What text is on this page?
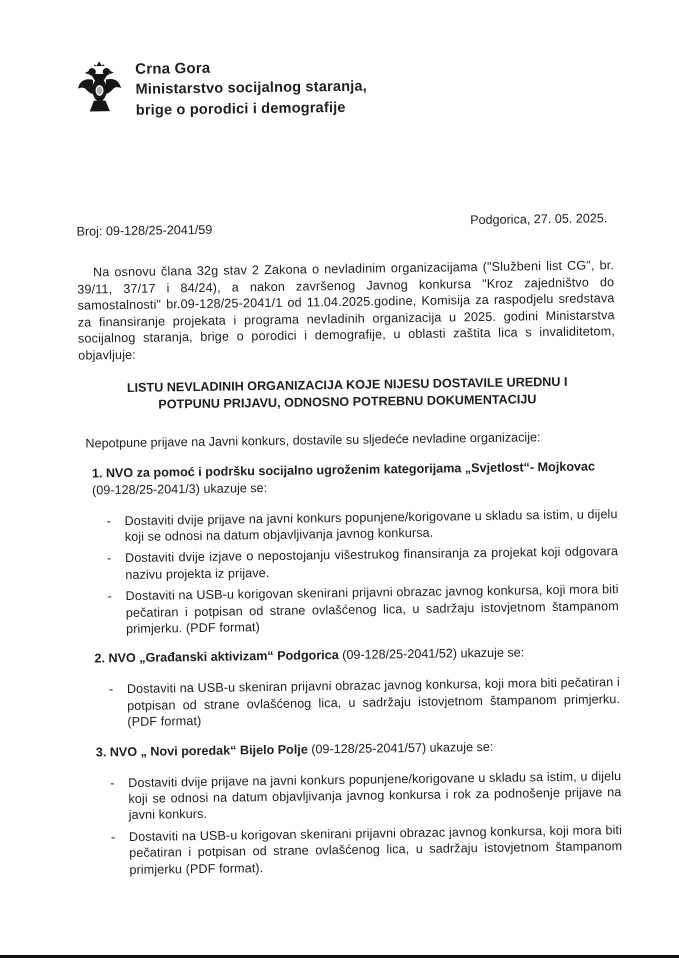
Crna Gora
Ministarstvo socijalnog staranja,
brige o porodici i demografije
Broj: 09-128/25-2041/59
Podgorica, 27. 05. 2025.

Na osnovu člana 32g stav 2 Zakona o nevladinim organizacijama ("Službeni list CG", br. 39/11, 37/17 i 84/24), a nakon završenog Javnog konkursa "Kroz zajedništvo do samostalnosti" br.09-128/25-2041/1 od 11.04.2025.godine, Komisija za raspodjelu sredstava za finansiranje projekata i programa nevladinih organizacija u 2025. godini Ministarstva socijalnog staranja, brige o porodici i demografije, u oblasti zaštita lica s invaliditetom, objavljuje:

LISTU NEVLADINIH ORGANIZACIJA KOJE NIJESU DOSTAVILE UREDNU I
POTPUNU PRIJAVU, ODNOSNO POTREBNU DOKUMENTACIJU

Nepotpune prijave na Javni konkurs, dostavile su sljedeće nevladine organizacije:

1. NVO za pomoć i podršku socijalno ugroženim kategorijama „Svjetlost“- Mojkovac (09-128/25-2041/3) ukazuje se:
- Dostaviti dvije prijave na javni konkurs popunjene/korigovane u skladu sa istim, u dijelu koji se odnosi na datum objavljivanja javnog konkursa.
- Dostaviti dvije izjave o nepostojanju višestrukog finansiranja za projekat koji odgovara nazivu projekta iz prijave.
- Dostaviti na USB-u korigovan skenirani prijavni obrazac javnog konkursa, koji mora biti pečatiran i potpisan od strane ovlašćenog lica, u sadržaju istovjetnom štampanom primjerku. (PDF format)
2. NVO „Građanski aktivizam“ Podgorica (09-128/25-2041/52) ukazuje se:
- Dostaviti na USB-u skeniran prijavni obrazac javnog konkursa, koji mora biti pečatiran i potpisan od strane ovlašćenog lica, u sadržaju istovjetnom štampanom primjerku. (PDF format)
3. NVO „ Novi poredak“ Bijelo Polje (09-128/25-2041/57) ukazuje se:
- Dostaviti dvije prijave na javni konkurs popunjene/korigovane u skladu sa istim, u dijelu koji se odnosi na datum objavljivanja javnog konkursa i rok za podnošenje prijave na javni konkurs.
- Dostaviti na USB-u korigovan skenirani prijavni obrazac javnog konkursa, koji mora biti pečatiran i potpisan od strane ovlašćenog lica, u sadržaju istovjetnom štampanom primjerku (PDF format).
